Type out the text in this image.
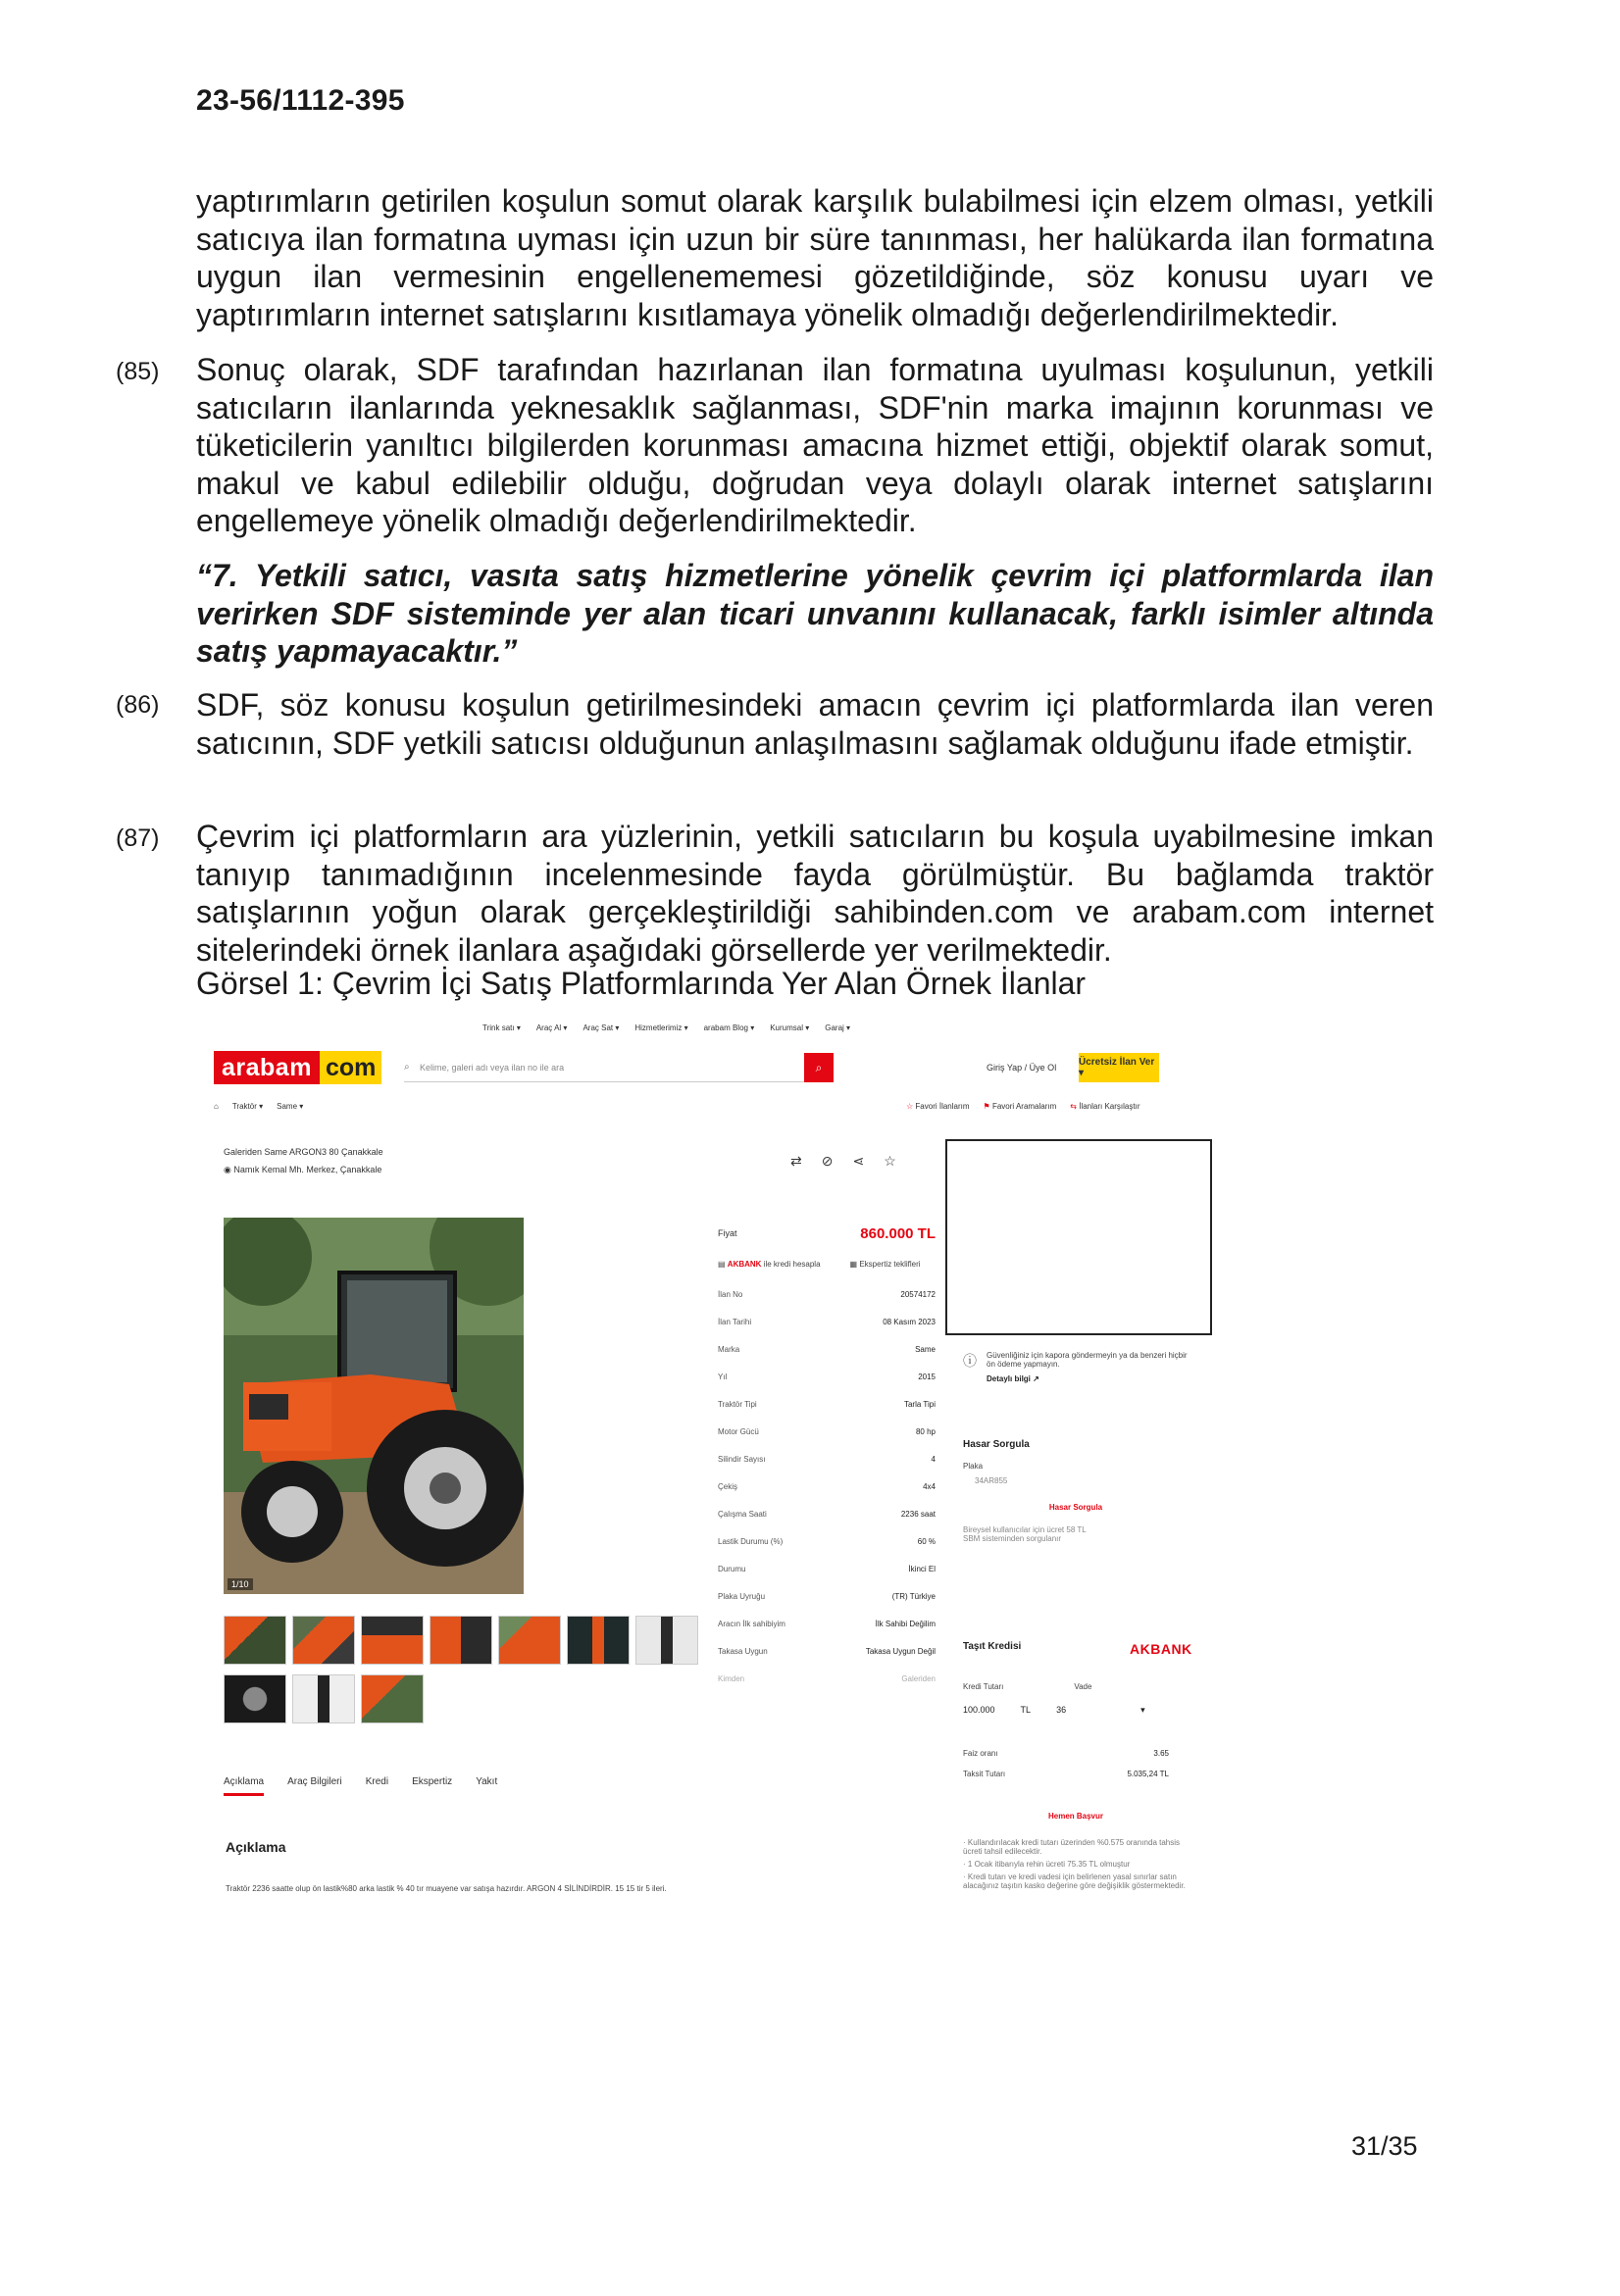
23-56/1112-395
yaptırımların getirilen koşulun somut olarak karşılık bulabilmesi için elzem olması, yetkili satıcıya ilan formatına uyması için uzun bir süre tanınması, her halükarda ilan formatına uygun ilan vermesinin engellenememesi gözetildiğinde, söz konusu uyarı ve yaptırımların internet satışlarını kısıtlamaya yönelik olmadığı değerlendirilmektedir.
(85) Sonuç olarak, SDF tarafından hazırlanan ilan formatına uyulması koşulunun, yetkili satıcıların ilanlarında yeknesaklık sağlanması, SDF'nin marka imajının korunması ve tüketicilerin yanıltıcı bilgilerden korunması amacına hizmet ettiği, objektif olarak somut, makul ve kabul edilebilir olduğu, doğrudan veya dolaylı olarak internet satışlarını engellemeye yönelik olmadığı değerlendirilmektedir.
“7. Yetkili satıcı, vasıta satış hizmetlerine yönelik çevrim içi platformlarda ilan verirken SDF sisteminde yer alan ticari unvanını kullanacak, farklı isimler altında satış yapmayacaktır.”
(86) SDF, söz konusu koşulun getirilmesindeki amacın çevrim içi platformlarda ilan veren satıcının, SDF yetkili satıcısı olduğunun anlaşılmasını sağlamak olduğunu ifade etmiştir.
(87) Çevrim içi platformların ara yüzlerinin, yetkili satıcıların bu koşula uyabilmesine imkan tanıyıp tanımadığının incelenmesinde fayda görülmüştür. Bu bağlamda traktör satışlarının yoğun olarak gerçekleştirildiği sahibinden.com ve arabam.com internet sitelerindeki örnek ilanlara aşağıdaki görsellerde yer verilmektedir.
Görsel 1: Çevrim İçi Satış Platformlarında Yer Alan Örnek İlanlar
Trink satı ▾ Araç Al ▾ Araç Sat ▾ Hizmetlerimiz ▾ arabam Blog ▾ Kurumsal ▾ Garaj ▾
arabam com	⌕	Kelime, galeri adı veya ilan no ile ara	⌕	Giriş Yap / Üye Ol Ücretsiz İlan Ver ▾
⌂ Traktör ▾ Same ▾	☆ Favori İlanlarım ⚑ Favori Aramalarım ⇆ İlanları Karşılaştır
Galeriden Same ARGON3 80 Çanakkale
◉ Namık Kemal Mh. Merkez, Çanakkale
⇄ ⊘ ⋖ ☆
1/10
Fiyat	860.000 TL
▤ AKBANK ile kredi hesapla	▦ Ekspertiz teklifleri
İlan No	20574172
İlan Tarihi	08 Kasım 2023
Marka	Same
Yıl	2015
Traktör Tipi	Tarla Tipi
Motor Gücü	80 hp
Silindir Sayısı	4
Çekiş	4x4
Çalışma Saati	2236 saat
Lastik Durumu (%)	60 %
Durumu	İkinci El
Plaka Uyruğu	(TR) Türkiye
Aracın İlk sahibiyim	İlk Sahibi Değilim
Takasa Uygun	Takasa Uygun Değil
Kimden	Galeriden
ⓘ Güvenliğiniz için kapora göndermeyin ya da benzeri hiçbir ön ödeme yapmayın.
Detaylı bilgi ↗
Hasar Sorgula
Plaka
34AR855
Hasar Sorgula
Bireysel kullanıcılar için ücret 58 TL
SBM sisteminden sorgulanır
Taşıt Kredisi	AKBANK
Kredi Tutarı	Vade
100.000	TL	36	▾
Faiz oranı	3.65
Taksit Tutarı	5.035,24 TL
Hemen Başvur
· Kullandırılacak kredi tutarı üzerinden %0.575 oranında tahsis ücreti tahsil edilecektir.
· 1 Ocak itibarıyla rehin ücreti 75.35 TL olmuştur
· Kredi tutarı ve kredi vadesi için belirlenen yasal sınırlar satın alacağınız taşıtın kasko değerine göre değişiklik göstermektedir.
Açıklama Araç Bilgileri Kredi Ekspertiz Yakıt
Açıklama
Traktör 2236 saatte olup ön lastik%80 arka lastik % 40 tır muayene var satışa hazırdır. ARGON 4 SİLİNDİRDİR. 15 15 tir 5 ileri.
31/35
